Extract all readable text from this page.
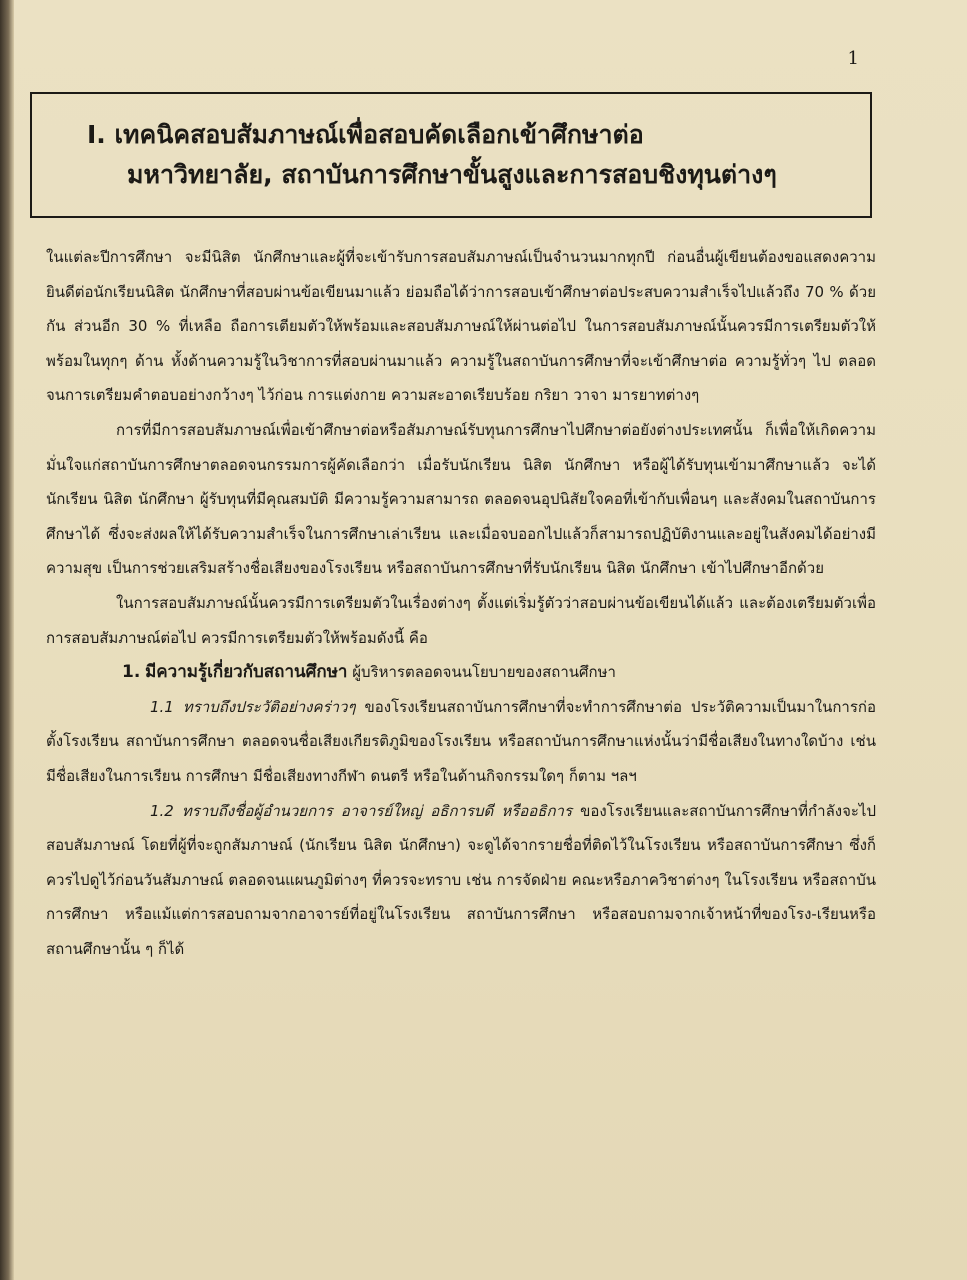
1
I. เทคนิคสอบสัมภาษณ์เพื่อสอบคัดเลือกเข้าศึกษาต่อ
มหาวิทยาลัย, สถาบันการศึกษาขั้นสูงและการสอบชิงทุนต่างๆ

ในแต่ละปีการศึกษา จะมีนิสิต นักศึกษาและผู้ที่จะเข้ารับการสอบสัมภาษณ์เป็นจำนวนมากทุกปี ก่อนอื่นผู้เขียนต้องขอแสดงความยินดีต่อนักเรียนนิสิต นักศึกษาที่สอบผ่านข้อเขียนมาแล้ว ย่อมถือได้ว่าการสอบเข้าศึกษาต่อประสบความสำเร็จไปแล้วถึง 70 % ด้วยกัน ส่วนอีก 30 % ที่เหลือ ถือการเตียมตัวให้พร้อมและสอบสัมภาษณ์ให้ผ่านต่อไป ในการสอบสัมภาษณ์นั้นควรมีการเตรียมตัวให้พร้อมในทุกๆ ด้าน หั้งด้านความรู้ในวิชาการที่สอบผ่านมาแล้ว ความรู้ในสถาบันการศึกษาที่จะเข้าศึกษาต่อ ความรู้ทั่วๆ ไป ตลอดจนการเตรียมคำตอบอย่างกว้างๆ ไว้ก่อน การแต่งกาย ความสะอาดเรียบร้อย กริยา วาจา มารยาทต่างๆ

การที่มีการสอบสัมภาษณ์เพื่อเข้าศึกษาต่อหรือสัมภาษณ์รับทุนการศึกษาไปศึกษาต่อยังต่างประเทศนั้น ก็เพื่อให้เกิดความมั่นใจแก่สถาบันการศึกษาตลอดจนกรรมการผู้คัดเลือกว่า เมื่อรับนักเรียน นิสิต นักศึกษา หรือผู้ได้รับทุนเข้ามาศึกษาแล้ว จะได้นักเรียน นิสิต นักศึกษา ผู้รับทุนที่มีคุณสมบัติ มีความรู้ความสามารถ ตลอดจนอุปนิสัยใจคอที่เข้ากับเพื่อนๆ และสังคมในสถาบันการศึกษาได้ ซึ่งจะส่งผลให้ได้รับความสำเร็จในการศึกษาเล่าเรียน และเมื่อจบออกไปแล้วก็สามารถปฏิบัติงานและอยู่ในสังคมได้อย่างมีความสุข เป็นการช่วยเสริมสร้างชื่อเสียงของโรงเรียน หรือสถาบันการศึกษาที่รับนักเรียน นิสิต นักศึกษา เข้าไปศึกษาอีกด้วย

ในการสอบสัมภาษณ์นั้นควรมีการเตรียมตัวในเรื่องต่างๆ ตั้งแต่เริ่มรู้ตัวว่าสอบผ่านข้อเขียนได้แล้ว และต้องเตรียมตัวเพื่อการสอบสัมภาษณ์ต่อไป ควรมีการเตรียมตัวให้พร้อมดังนี้ คือ

1. มีความรู้เกี่ยวกับสถานศึกษา ผู้บริหารตลอดจนนโยบายของสถานศึกษา

1.1 ทราบถึงประวัติอย่างคร่าวๆ ของโรงเรียนสถาบันการศึกษาที่จะทำการศึกษาต่อ ประวัติความเป็นมาในการก่อตั้งโรงเรียน สถาบันการศึกษา ตลอดจนชื่อเสียงเกียรติภูมิของโรงเรียน หรือสถาบันการศึกษาแห่งนั้นว่ามีชื่อเสียงในทางใดบ้าง เช่น มีชื่อเสียงในการเรียน การศึกษา มีชื่อเสียงทางกีฬา ดนตรี หรือในด้านกิจกรรมใดๆ ก็ตาม ฯลฯ

1.2 ทราบถึงชื่อผู้อำนวยการ อาจารย์ใหญ่ อธิการบดี หรืออธิการ ของโรงเรียนและสถาบันการศึกษาที่กำลังจะไปสอบสัมภาษณ์ โดยที่ผู้ที่จะถูกสัมภาษณ์ (นักเรียน นิสิต นักศึกษา) จะดูได้จากรายชื่อที่ติดไว้ในโรงเรียน หรือสถาบันการศึกษา ซึ่งก็ควรไปดูไว้ก่อนวันสัมภาษณ์ ตลอดจนแผนภูมิต่างๆ ที่ควรจะทราบ เช่น การจัดฝ่าย คณะหรือภาควิชาต่างๆ ในโรงเรียน หรือสถาบันการศึกษา หรือแม้แต่การสอบถามจากอาจารย์ที่อยู่ในโรงเรียน สถาบันการศึกษา หรือสอบถามจากเจ้าหน้าที่ของโรง-เรียนหรือสถานศึกษานั้น ๆ ก็ได้
